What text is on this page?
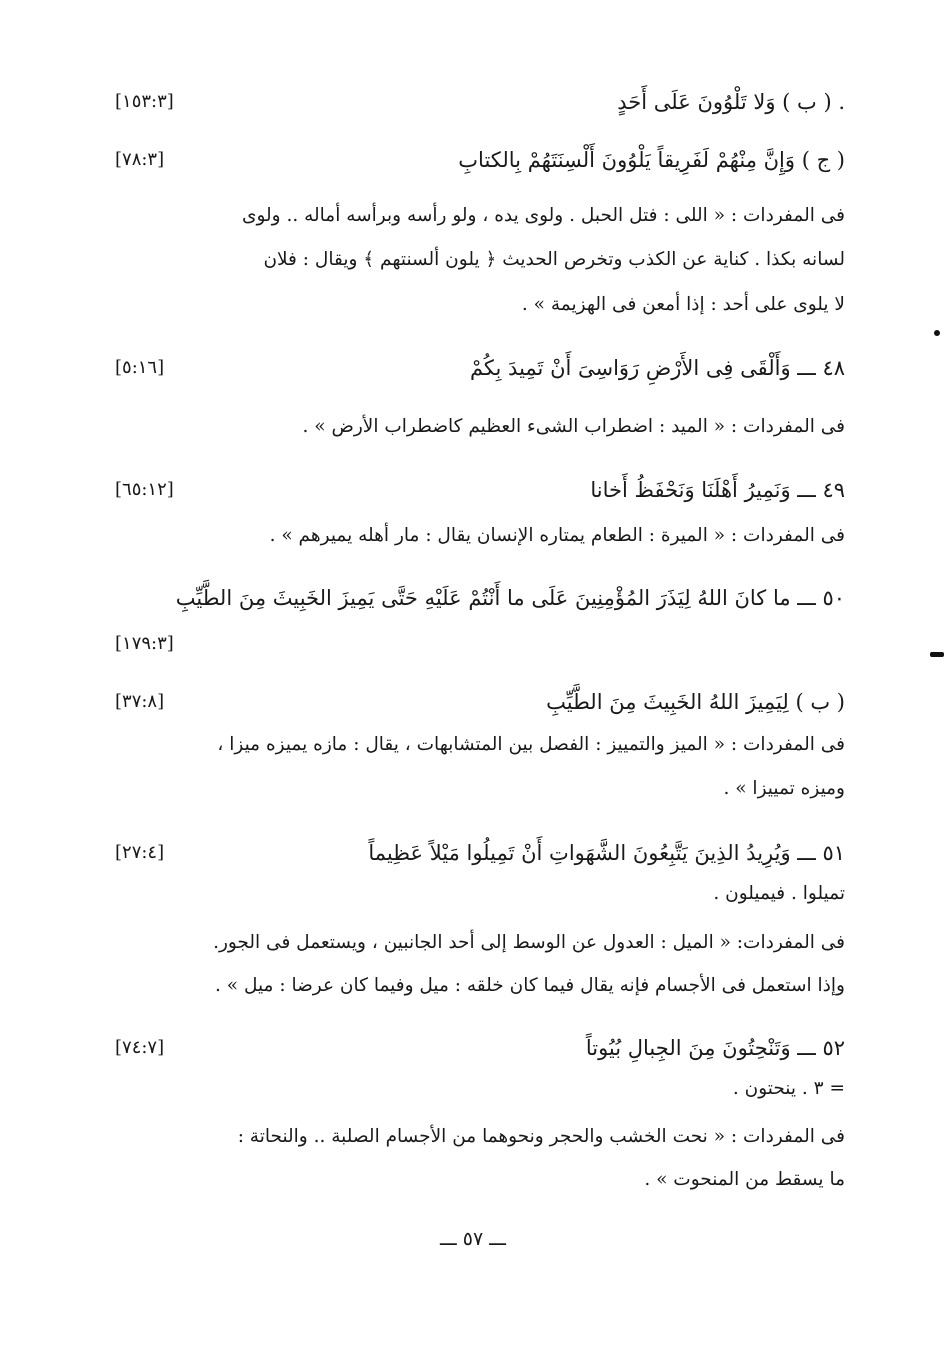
. ( ب ) وَلا تَلْوُونَ عَلَى أَحَدٍ
[١٥٣:٣]
( ج ) وَإِنَّ مِنْهُمْ لَفَرِيقاً يَلْوُونَ أَلْسِنَتَهُمْ بِالكتابِ
[٧٨:٣]
فى المفردات : « اللى : فتل الحبل . ولوى يده ، ولو رأسه وبرأسه أماله .. ولوى
لسانه بكذا . كناية عن الكذب وتخرص الحديث ﴿ يلون ألسنتهم ﴾ ويقال : فلان
لا يلوى على أحد : إذا أمعن فى الهزيمة » .
٤٨ ـــ وَأَلْقَى فِى الأَرْضِ رَوَاسِىَ أَنْ تَمِيدَ بِكُمْ
[٥:١٦]
فى المفردات : « الميد : اضطراب الشىء العظيم كاضطراب الأرض » .
٤٩ ـــ وَنَمِيرُ أَهْلَنَا وَنَحْفَظُ أَخانا
[٦٥:١٢]
فى المفردات : « الميرة : الطعام يمتاره الإنسان يقال : مار أهله يميرهم » .
٥٠ ـــ ما كانَ اللهُ لِيَذَرَ المُؤْمِنِينَ عَلَى ما أَنْتُمْ عَلَيْهِ حَتَّى يَمِيزَ الخَبِيثَ مِنَ الطَّيِّبِ
[١٧٩:٣]
( ب ) لِيَمِيزَ اللهُ الخَبِيثَ مِنَ الطَّيِّبِ
[٣٧:٨]
فى المفردات : « الميز والتمييز : الفصل بين المتشابهات ، يقال : مازه يميزه ميزا ،
وميزه تمييزا » .
٥١ ـــ وَيُرِيدُ الذِينَ يَتَّبِعُونَ الشَّهَواتِ أَنْ تَمِيلُوا مَيْلاً عَظِيماً
[٢٧:٤]
تميلوا . فيميلون .
فى المفردات: « الميل : العدول عن الوسط إلى أحد الجانبين ، ويستعمل فى الجور.
وإذا استعمل فى الأجسام فإنه يقال فيما كان خلقه : ميل وفيما كان عرضا : ميل » .
٥٢ ـــ وَتَنْحِتُونَ مِنَ الجِبالِ بُيُوتاً
[٧٤:٧]
= ٣ . ينحتون .
فى المفردات : « نحت الخشب والحجر ونحوهما من الأجسام الصلبة .. والنحاتة :
ما يسقط من المنحوت » .
ـــ ٥٧ ـــ
